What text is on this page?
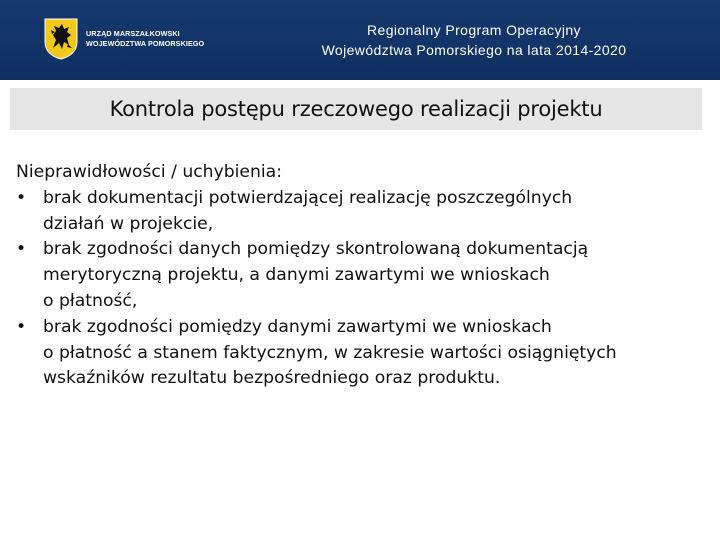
URZĄD MARSZAŁKOWSKI
WOJEWÓDZTWA POMORSKIEGO
Regionalny Program Operacyjny
Województwa Pomorskiego na lata 2014-2020
Kontrola postępu rzeczowego realizacji projektu

Nieprawidłowości / uchybienia:

• brak dokumentacji potwierdzającej realizację poszczególnych
działań w projekcie,
• brak zgodności danych pomiędzy skontrolowaną dokumentacją
merytoryczną projektu, a danymi zawartymi we wnioskach
o płatność,
• brak zgodności pomiędzy danymi zawartymi we wnioskach
o płatność a stanem faktycznym, w zakresie wartości osiągniętych
wskaźników rezultatu bezpośredniego oraz produktu.
